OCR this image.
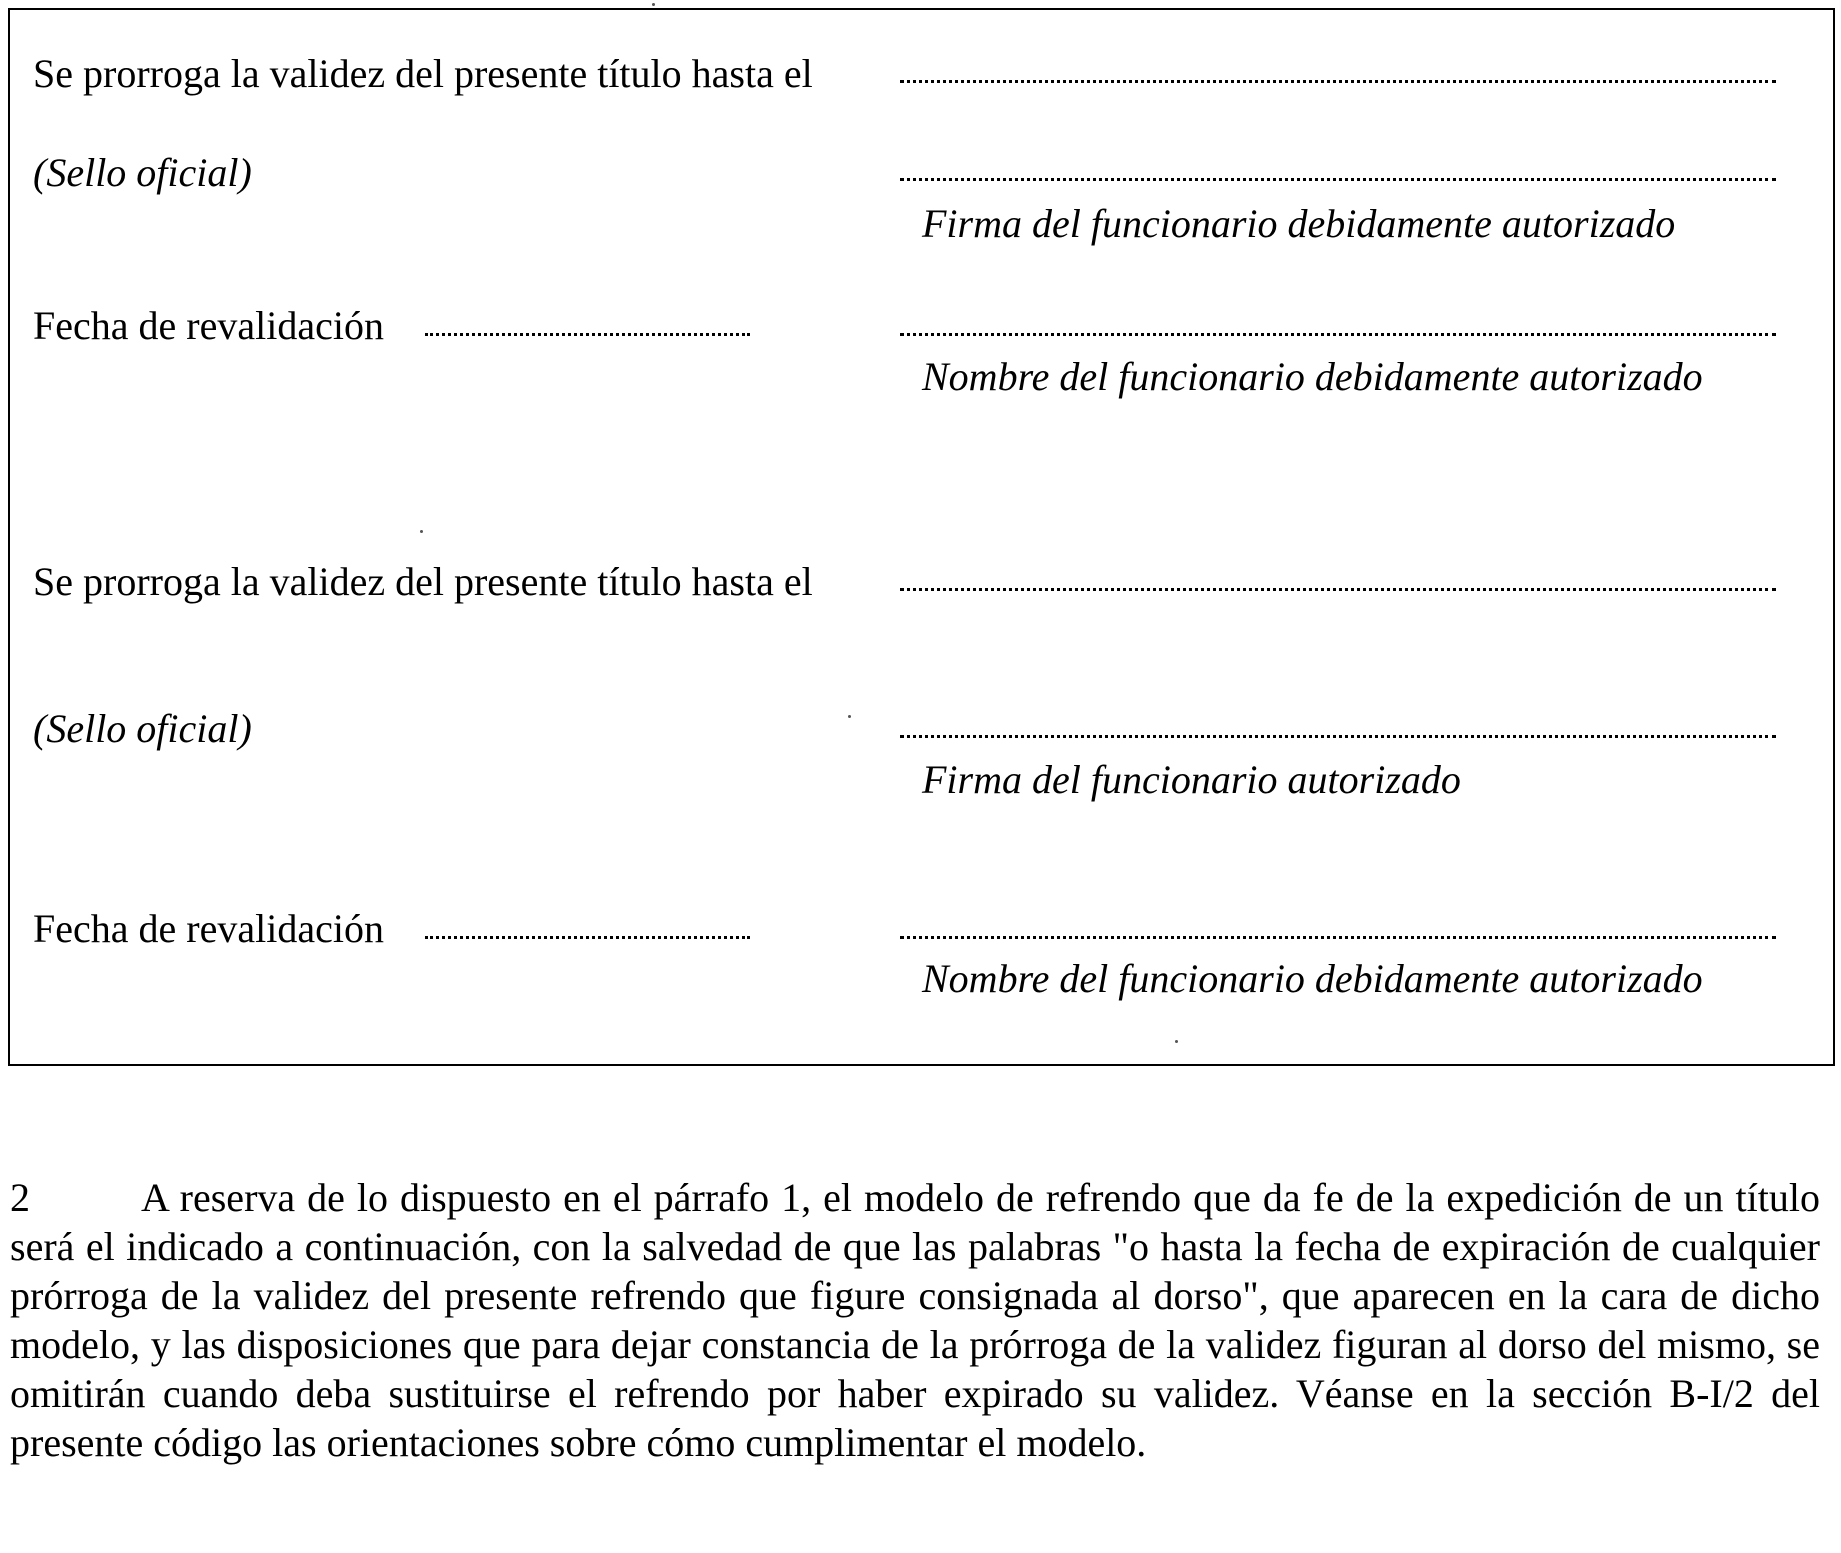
Se prorroga la validez del presente título hasta el
(Sello oficial)
Firma del funcionario debidamente autorizado
Fecha de revalidación
Nombre del funcionario debidamente autorizado
Se prorroga la validez del presente título hasta el
(Sello oficial)
Firma del funcionario autorizado
Fecha de revalidación
Nombre del funcionario debidamente autorizado
2	A reserva de lo dispuesto en el párrafo 1, el modelo de refrendo que da fe de la expedición de un título será el indicado a continuación, con la salvedad de que las palabras "o hasta la fecha de expiración de cualquier prórroga de la validez del presente refrendo que figure consignada al dorso", que aparecen en la cara de dicho modelo, y las disposiciones que para dejar constancia de la prórroga de la validez figuran al dorso del mismo, se omitirán cuando deba sustituirse el refrendo por haber expirado su validez. Véanse en la sección B-I/2 del presente código las orientaciones sobre cómo cumplimentar el modelo.
